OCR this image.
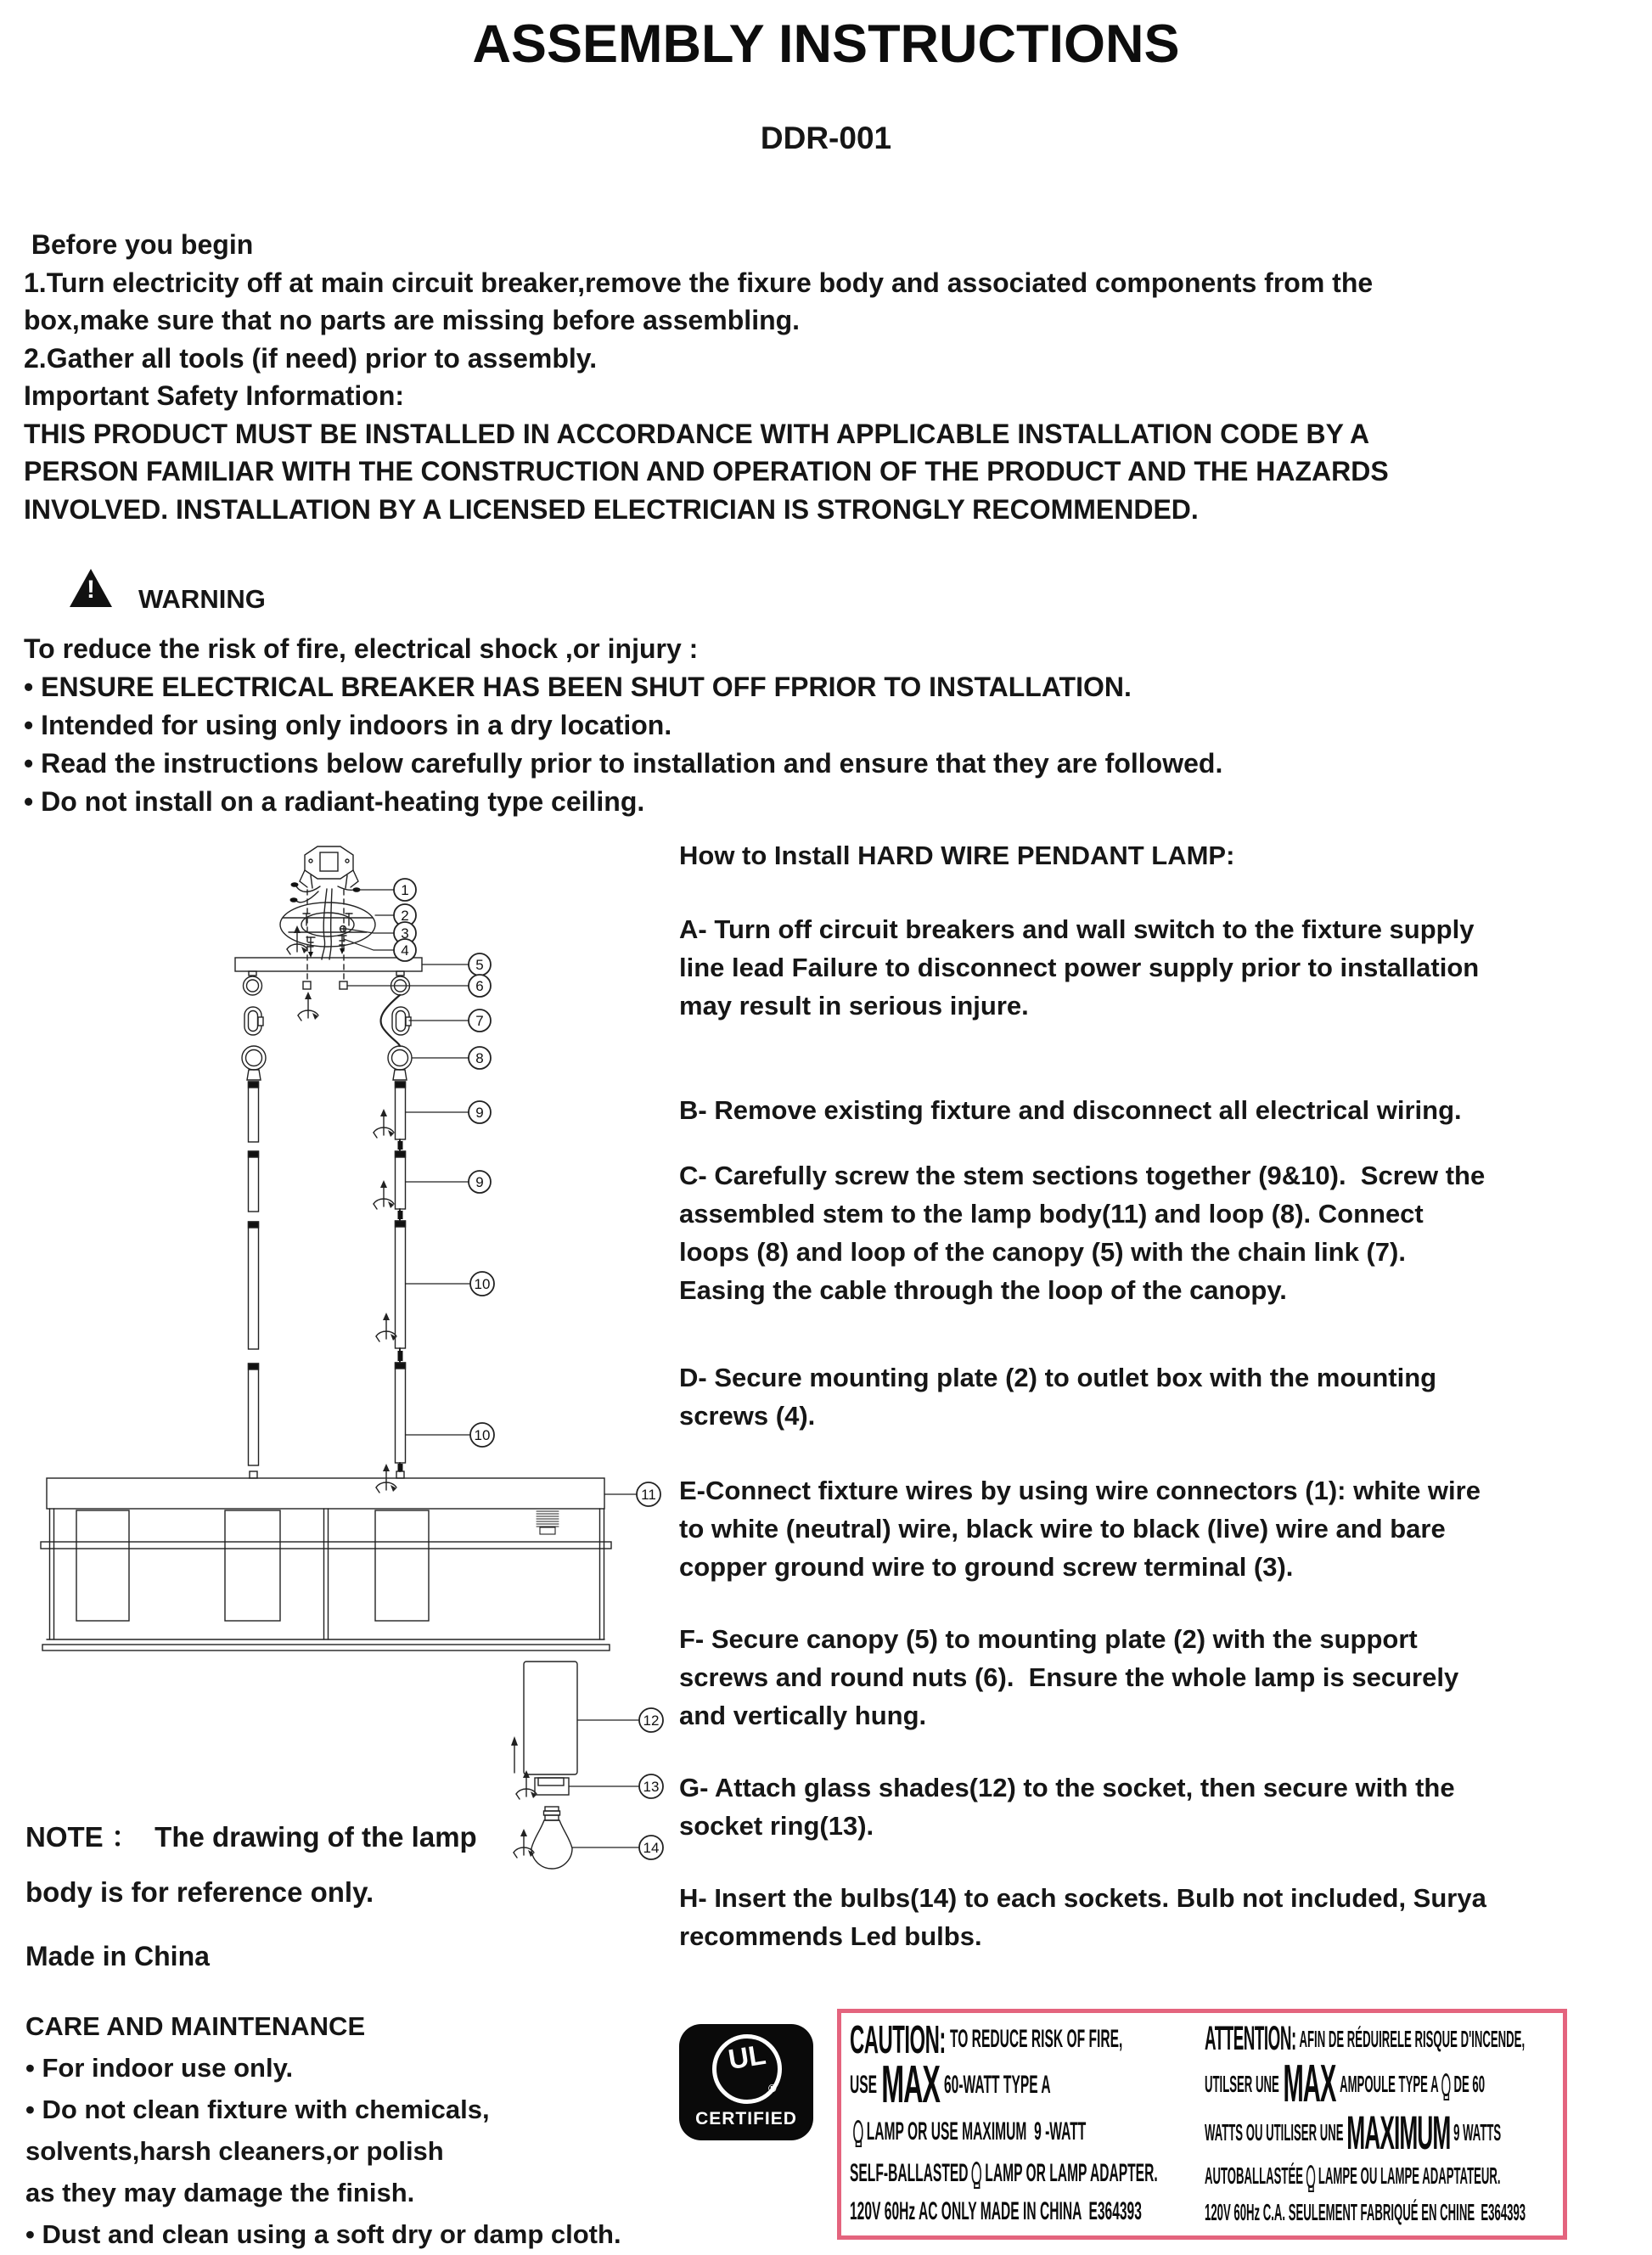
ASSEMBLY INSTRUCTIONS
DDR-001
Before you begin
1.Turn electricity off at main circuit breaker,remove the fixure body and associated components from the
box,make sure that no parts are missing before assembling.
2.Gather all tools (if need) prior to assembly.
Important Safety Information:
THIS PRODUCT MUST BE INSTALLED IN ACCORDANCE WITH APPLICABLE INSTALLATION CODE BY A
PERSON FAMILIAR WITH THE CONSTRUCTION AND OPERATION OF THE PRODUCT AND THE HAZARDS
INVOLVED. INSTALLATION BY A LICENSED ELECTRICIAN IS STRONGLY RECOMMENDED.
!	WARNING
To reduce the risk of fire, electrical shock ,or injury :
• ENSURE ELECTRICAL BREAKER HAS BEEN SHUT OFF FPRIOR TO INSTALLATION.
• Intended for using only indoors in a dry location.
• Read the instructions below carefully prior to installation and ensure that they are followed.
• Do not install on a radiant-heating type ceiling.
How to Install HARD WIRE PENDANT LAMP:
A- Turn off circuit breakers and wall switch to the fixture supply
line lead Failure to disconnect power supply prior to installation
may result in serious injure.
B- Remove existing fixture and disconnect all electrical wiring.
C- Carefully screw the stem sections together (9&10).  Screw the
assembled stem to the lamp body(11) and loop (8). Connect
loops (8) and loop of the canopy (5) with the chain link (7).
Easing the cable through the loop of the canopy.
D- Secure mounting plate (2) to outlet box with the mounting
screws (4).
E-Connect fixture wires by using wire connectors (1): white wire
to white (neutral) wire, black wire to black (live) wire and bare
copper ground wire to ground screw terminal (3).
F- Secure canopy (5) to mounting plate (2) with the support
screws and round nuts (6).  Ensure the whole lamp is securely
and vertically hung.
G- Attach glass shades(12) to the socket, then secure with the
socket ring(13).
H- Insert the bulbs(14) to each sockets. Bulb not included, Surya
recommends Led bulbs.
1
2
3
4
5
6
7
8
9
9
10
10
11
12
13
14
NOTE ：  The drawing of the lamp
body is for reference only.
Made in China
CARE AND MAINTENANCE
• For indoor use only.
• Do not clean fixture with chemicals,
solvents,harsh cleaners,or polish
as they may damage the finish.
• Dust and clean using a soft dry or damp cloth.
UL
®
CERTIFIED
CAUTION: TO REDUCE RISK OF FIRE,
USE MAX 60-WATT TYPE A
LAMP OR USE MAXIMUM  9 -WATT
SELF-BALLASTED LAMP OR LAMP ADAPTER.
120V 60Hz AC ONLY MADE IN CHINA  E364393
ATTENTION: AFIN DE RÉDUIRELE RISQUE D'INCENDE,
UTILSER UNE MAX AMPOULE TYPE A DE 60
WATTS OU UTILISER UNE MAXIMUM 9 WATTS
AUTOBALLASTÉE LAMPE OU LAMPE ADAPTATEUR.
120V 60Hz C.A. SEULEMENT FABRIQUÉ EN CHINE  E364393
